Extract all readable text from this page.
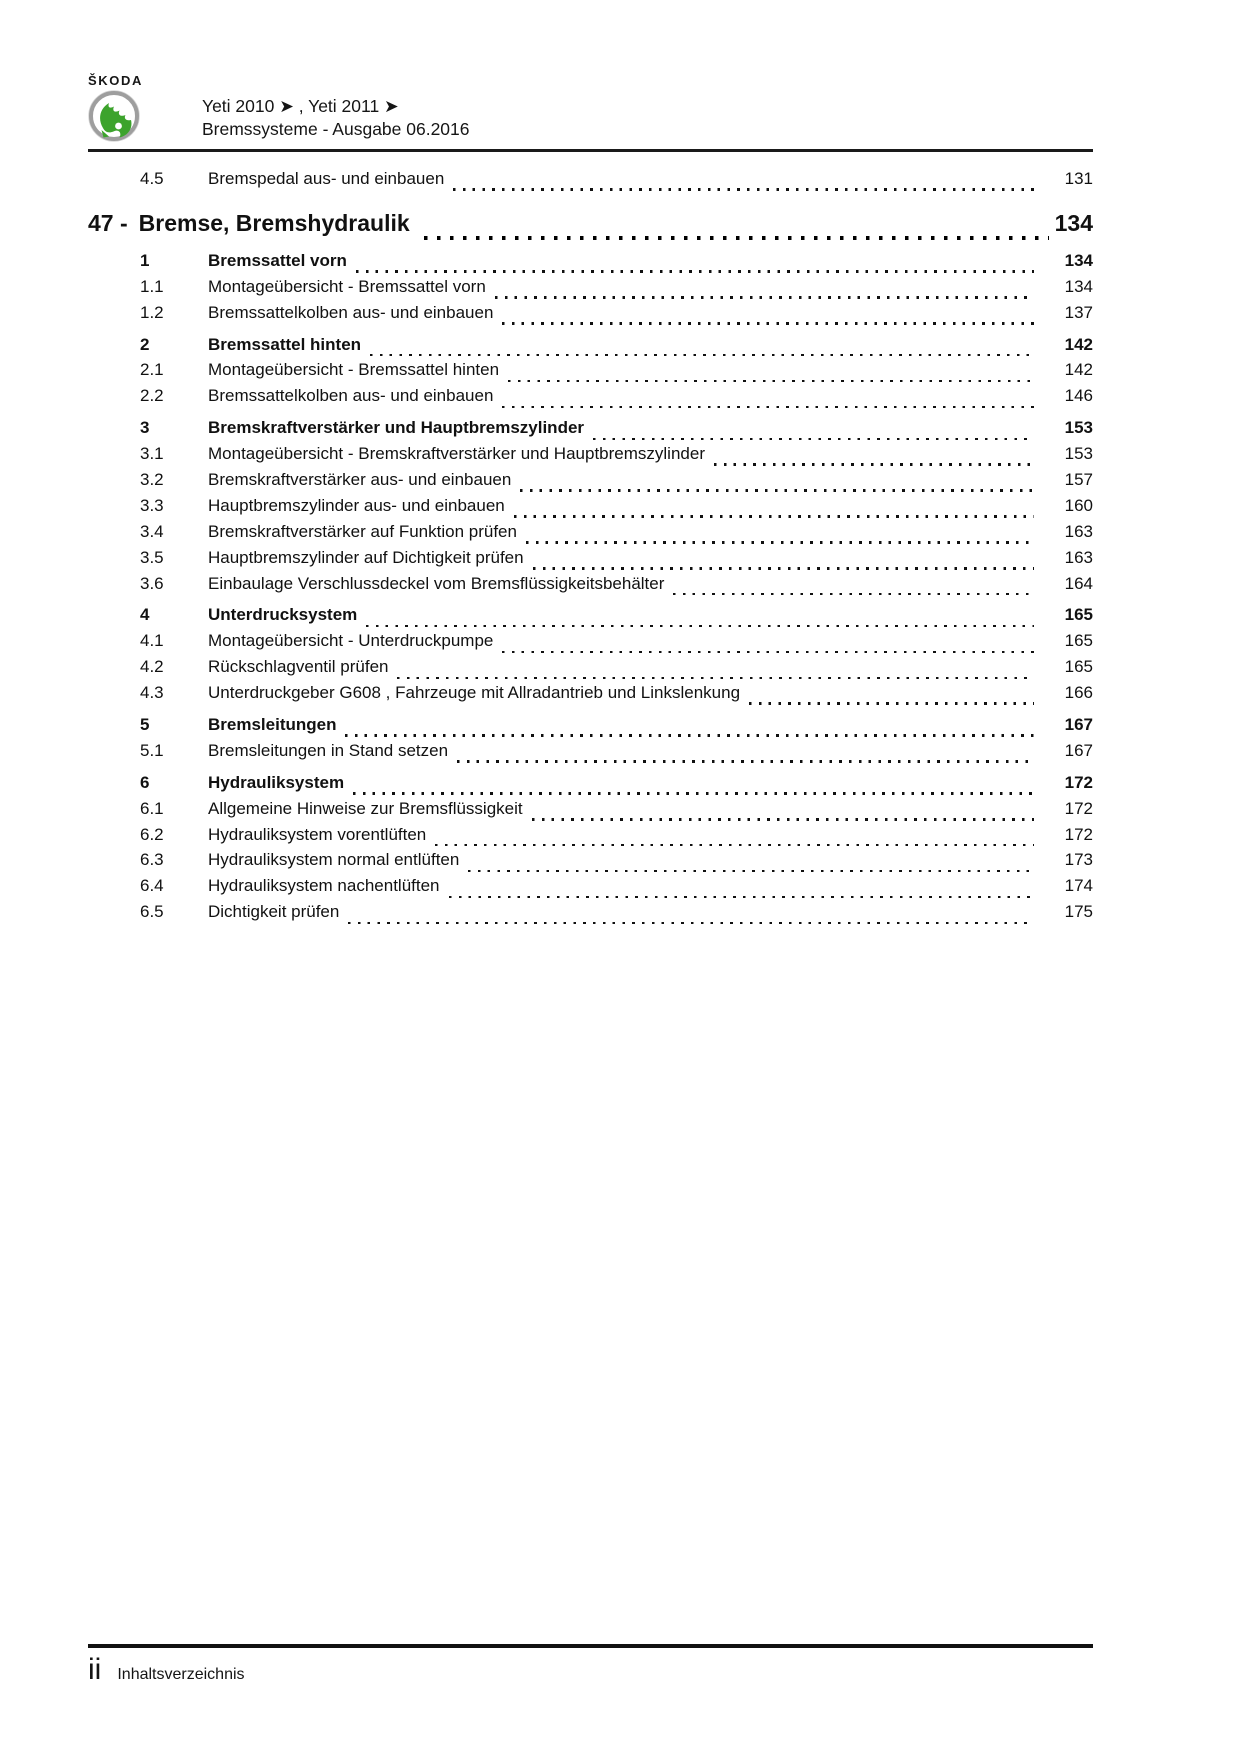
ŠKODA
Yeti 2010 ➤ , Yeti 2011 ➤
Bremssysteme - Ausgabe 06.2016
4.5	Bremspedal aus- und einbauen	131
47 - Bremse, Bremshydraulik	134
1	Bremssattel vorn	134
1.1	Montageübersicht - Bremssattel vorn	134
1.2	Bremssattelkolben aus- und einbauen	137
2	Bremssattel hinten	142
2.1	Montageübersicht - Bremssattel hinten	142
2.2	Bremssattelkolben aus- und einbauen	146
3	Bremskraftverstärker und Hauptbremszylinder	153
3.1	Montageübersicht - Bremskraftverstärker und Hauptbremszylinder	153
3.2	Bremskraftverstärker aus- und einbauen	157
3.3	Hauptbremszylinder aus- und einbauen	160
3.4	Bremskraftverstärker auf Funktion prüfen	163
3.5	Hauptbremszylinder auf Dichtigkeit prüfen	163
3.6	Einbaulage Verschlussdeckel vom Bremsflüssigkeitsbehälter	164
4	Unterdrucksystem	165
4.1	Montageübersicht - Unterdruckpumpe	165
4.2	Rückschlagventil prüfen	165
4.3	Unterdruckgeber G608 , Fahrzeuge mit Allradantrieb und Linkslenkung	166
5	Bremsleitungen	167
5.1	Bremsleitungen in Stand setzen	167
6	Hydrauliksystem	172
6.1	Allgemeine Hinweise zur Bremsflüssigkeit	172
6.2	Hydrauliksystem vorentlüften	172
6.3	Hydrauliksystem normal entlüften	173
6.4	Hydrauliksystem nachentlüften	174
6.5	Dichtigkeit prüfen	175
ii Inhaltsverzeichnis
